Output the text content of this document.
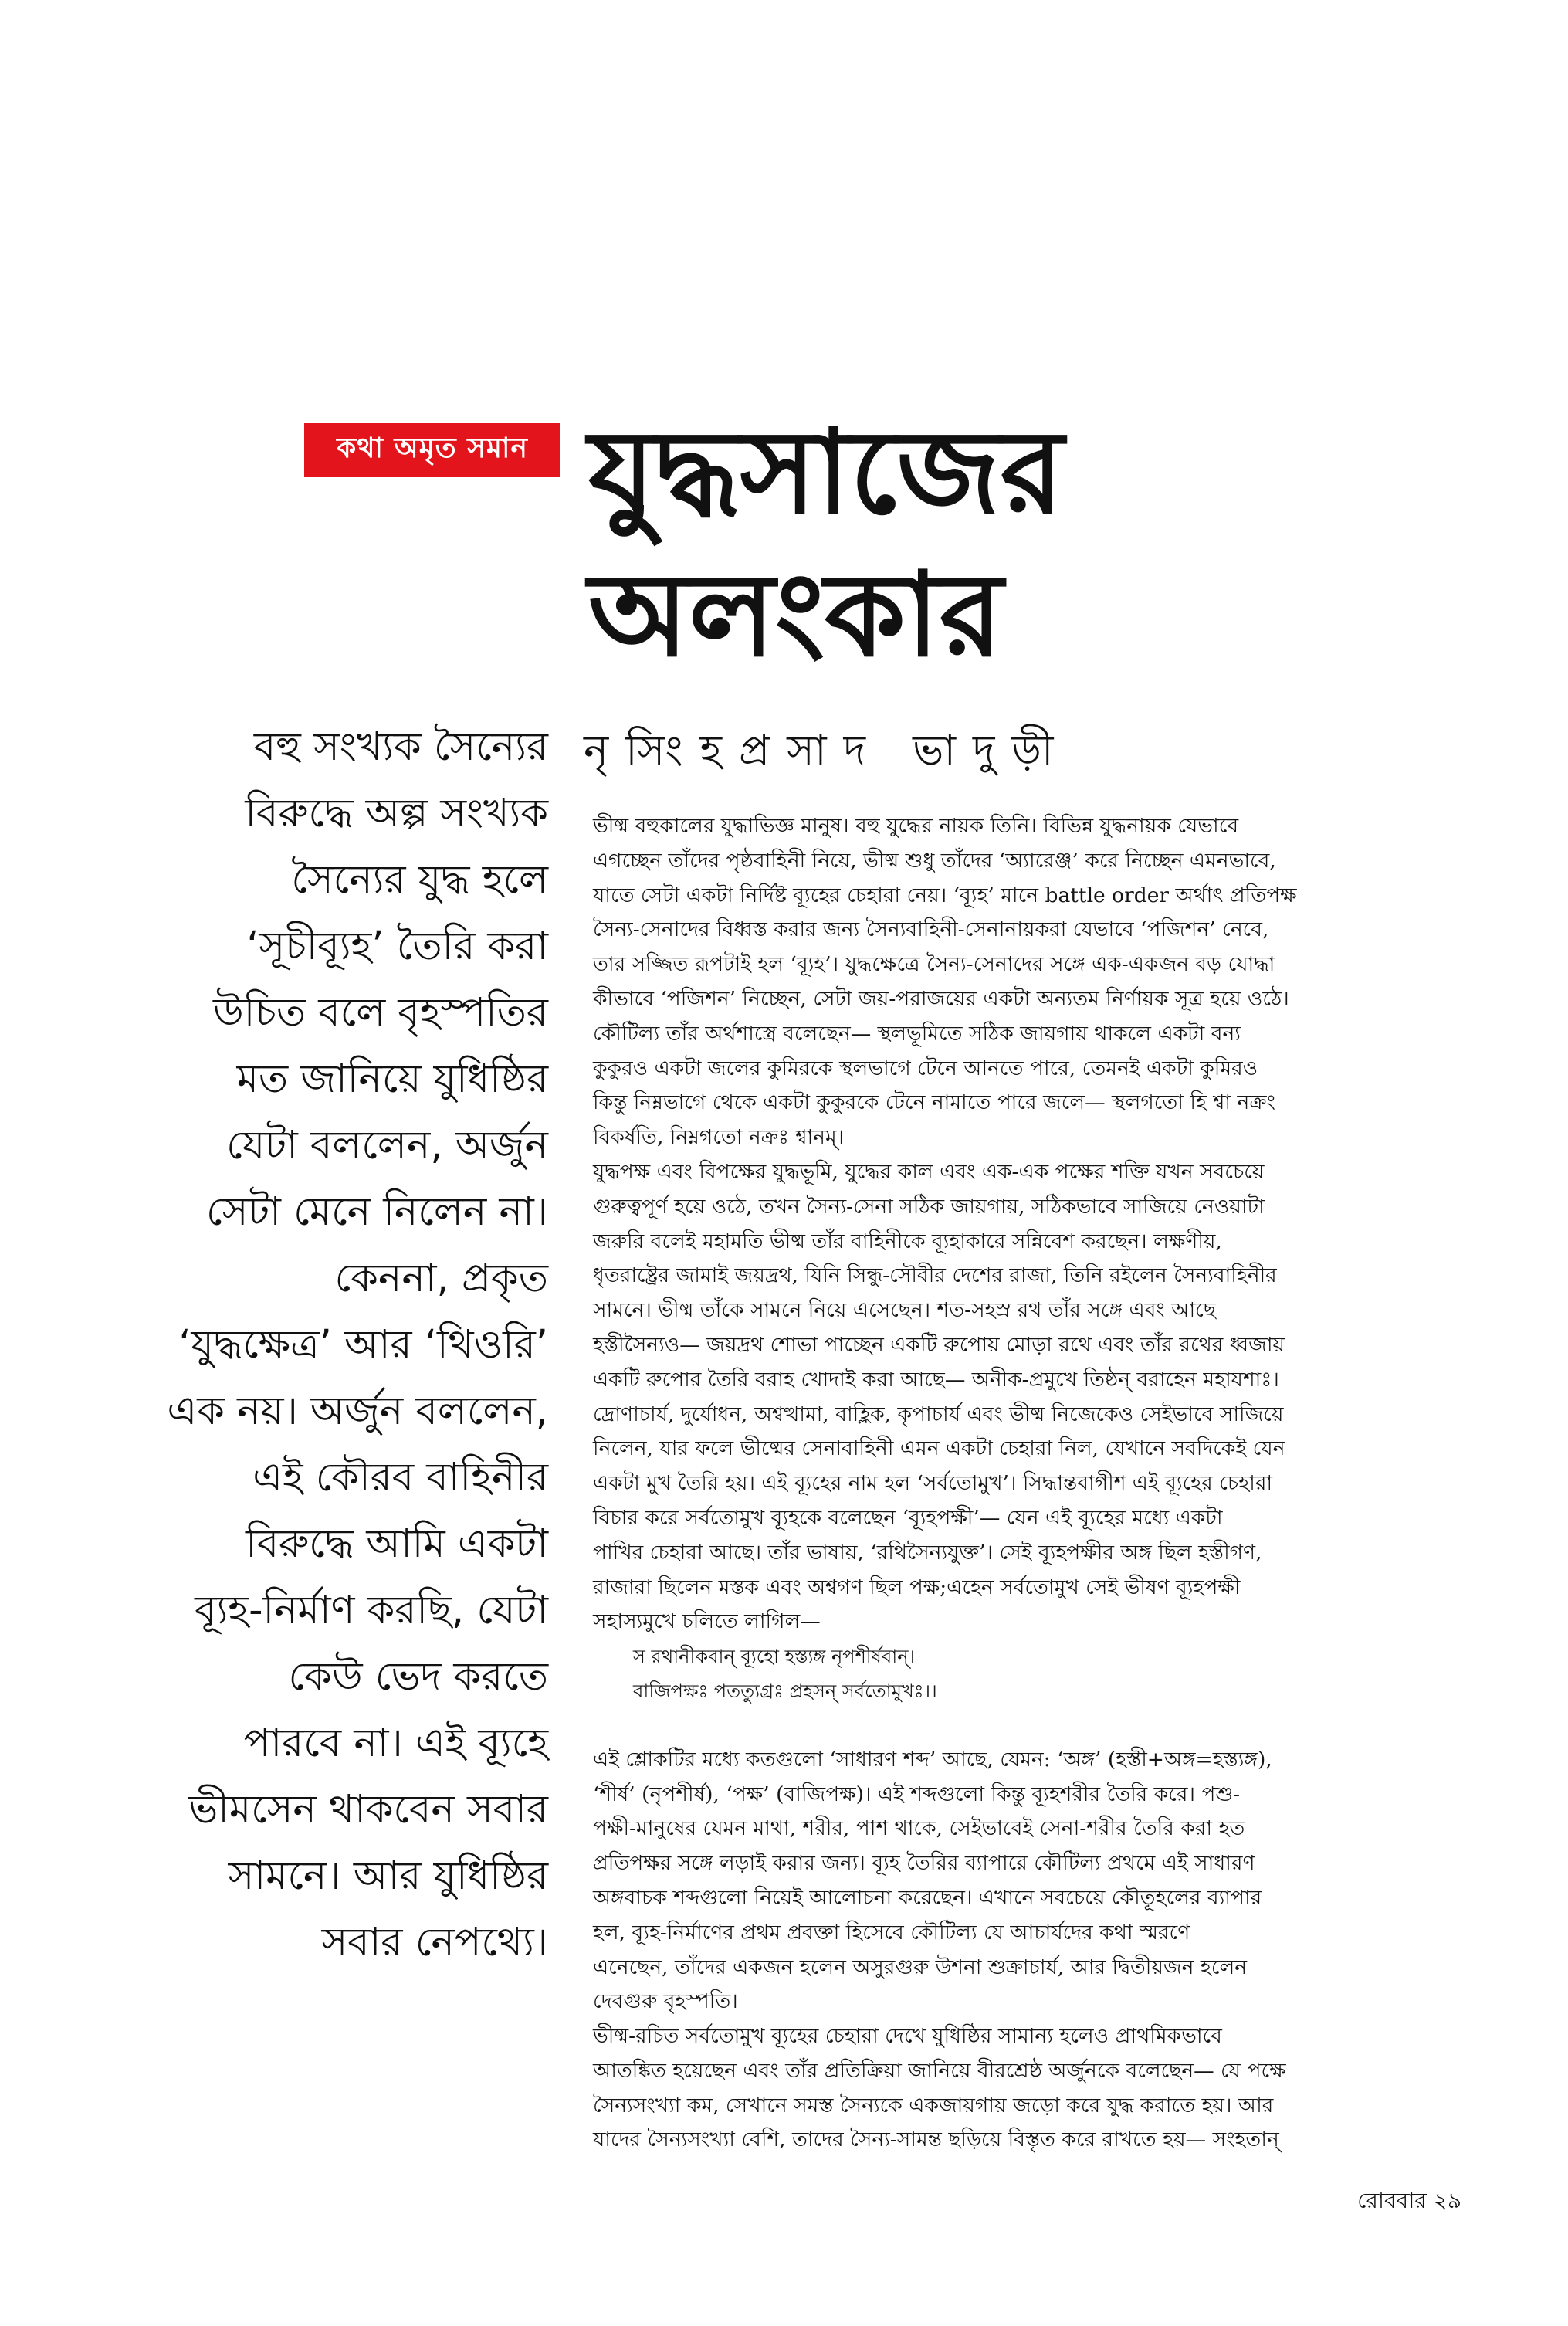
কথা অমৃত সমান যুদ্ধসাজের
অলংকার
নৃসিংহপ্রসাদ ভাদুড়ী
বহু সংখ্যক সৈন্যের
বিরুদ্ধে অল্প সংখ্যক
সৈন্যের যুদ্ধ হলে
‘সূচীব্যূহ’ তৈরি করা
উচিত বলে বৃহস্পতির
মত জানিয়ে যুধিষ্ঠির
যেটা বললেন, অর্জুন
সেটা মেনে নিলেন না।
কেননা, প্রকৃত
‘যুদ্ধক্ষেত্র’ আর ‘থিওরি’
এক নয়। অর্জুন বললেন,
এই কৌরব বাহিনীর
বিরুদ্ধে আমি একটা
ব্যূহ-নির্মাণ করছি, যেটা
কেউ ভেদ করতে
পারবে না। এই ব্যূহে
ভীমসেন থাকবেন সবার
সামনে। আর যুধিষ্ঠির
সবার নেপথ্যে।
ভীষ্ম বহুকালের যুদ্ধাভিজ্ঞ মানুষ। বহু যুদ্ধের নায়ক তিনি। বিভিন্ন যুদ্ধনায়ক যেভাবে
এগচ্ছেন তাঁদের পৃষ্ঠবাহিনী নিয়ে, ভীষ্ম শুধু তাঁদের ‘অ্যারেঞ্জ’ করে নিচ্ছেন এমনভাবে,
যাতে সেটা একটা নির্দিষ্ট ব্যূহের চেহারা নেয়। ‘ব্যূহ’ মানে battle order অর্থাৎ প্রতিপক্ষ
সৈন্য-সেনাদের বিধ্বস্ত করার জন্য সৈন্যবাহিনী-সেনানায়করা যেভাবে ‘পজিশন’ নেবে,
তার সজ্জিত রূপটাই হল ‘ব্যূহ’। যুদ্ধক্ষেত্রে সৈন্য-সেনাদের সঙ্গে এক-একজন বড় যোদ্ধা
কীভাবে ‘পজিশন’ নিচ্ছেন, সেটা জয়-পরাজয়ের একটা অন্যতম নির্ণায়ক সূত্র হয়ে ওঠে।
কৌটিল্য তাঁর অর্থশাস্ত্রে বলেছেন— স্থলভূমিতে সঠিক জায়গায় থাকলে একটা বন্য
কুকুরও একটা জলের কুমিরকে স্থলভাগে টেনে আনতে পারে, তেমনই একটা কুমিরও
কিন্তু নিম্নভাগে থেকে একটা কুকুরকে টেনে নামাতে পারে জলে— স্থলগতো হি শ্বা নক্রং
বিকর্ষতি, নিম্নগতো নক্রঃ শ্বানম্।
যুদ্ধপক্ষ এবং বিপক্ষের যুদ্ধভূমি, যুদ্ধের কাল এবং এক-এক পক্ষের শক্তি যখন সবচেয়ে
গুরুত্বপূর্ণ হয়ে ওঠে, তখন সৈন্য-সেনা সঠিক জায়গায়, সঠিকভাবে সাজিয়ে নেওয়াটা
জরুরি বলেই মহামতি ভীষ্ম তাঁর বাহিনীকে ব্যূহাকারে সন্নিবেশ করছেন। লক্ষণীয়,
ধৃতরাষ্ট্রের জামাই জয়দ্রথ, যিনি সিন্ধু-সৌবীর দেশের রাজা, তিনি রইলেন সৈন্যবাহিনীর
সামনে। ভীষ্ম তাঁকে সামনে নিয়ে এসেছেন। শত-সহস্র রথ তাঁর সঙ্গে এবং আছে
হস্তীসৈন্যও— জয়দ্রথ শোভা পাচ্ছেন একটি রুপোয় মোড়া রথে এবং তাঁর রথের ধ্বজায়
একটি রুপোর তৈরি বরাহ খোদাই করা আছে— অনীক-প্রমুখে তিষ্ঠন্ বরাহেন মহাযশাঃ।
দ্রোণাচার্য, দুর্যোধন, অশ্বত্থামা, বাহ্লিক, কৃপাচার্য এবং ভীষ্ম নিজেকেও সেইভাবে সাজিয়ে
নিলেন, যার ফলে ভীষ্মের সেনাবাহিনী এমন একটা চেহারা নিল, যেখানে সবদিকেই যেন
একটা মুখ তৈরি হয়। এই ব্যূহের নাম হল ‘সর্বতোমুখ’। সিদ্ধান্তবাগীশ এই ব্যূহের চেহারা
বিচার করে সর্বতোমুখ ব্যূহকে বলেছেন ‘ব্যূহপক্ষী’— যেন এই ব্যূহের মধ্যে একটা
পাখির চেহারা আছে। তাঁর ভাষায়, ‘রথিসৈন্যযুক্ত’। সেই ব্যূহপক্ষীর অঙ্গ ছিল হস্তীগণ,
রাজারা ছিলেন মস্তক এবং অশ্বগণ ছিল পক্ষ;এহেন সর্বতোমুখ সেই ভীষণ ব্যূহপক্ষী
সহাস্যমুখে চলিতে লাগিল—
স রথানীকবান্ ব্যূহো হস্ত্যঙ্গ নৃপশীর্ষবান্।
বাজিপক্ষঃ পতত্যুগ্রঃ প্রহসন্ সর্বতোমুখঃ।।
এই শ্লোকটির মধ্যে কতগুলো ‘সাধারণ শব্দ’ আছে, যেমন: ‘অঙ্গ’ (হস্তী+অঙ্গ=হস্ত্যঙ্গ),
‘শীর্ষ’ (নৃপশীর্ষ), ‘পক্ষ’ (বাজিপক্ষ)। এই শব্দগুলো কিন্তু ব্যূহশরীর তৈরি করে। পশু-
পক্ষী-মানুষের যেমন মাথা, শরীর, পাশ থাকে, সেইভাবেই সেনা-শরীর তৈরি করা হত
প্রতিপক্ষর সঙ্গে লড়াই করার জন্য। ব্যূহ তৈরির ব্যাপারে কৌটিল্য প্রথমে এই সাধারণ
অঙ্গবাচক শব্দগুলো নিয়েই আলোচনা করেছেন। এখানে সবচেয়ে কৌতূহলের ব্যাপার
হল, ব্যূহ-নির্মাণের প্রথম প্রবক্তা হিসেবে কৌটিল্য যে আচার্যদের কথা স্মরণে
এনেছেন, তাঁদের একজন হলেন অসুরগুরু উশনা শুক্রাচার্য, আর দ্বিতীয়জন হলেন
দেবগুরু বৃহস্পতি।
ভীষ্ম-রচিত সর্বতোমুখ ব্যূহের চেহারা দেখে যুধিষ্ঠির সামান্য হলেও প্রাথমিকভাবে
আতঙ্কিত হয়েছেন এবং তাঁর প্রতিক্রিয়া জানিয়ে বীরশ্রেষ্ঠ অর্জুনকে বলেছেন— যে পক্ষে
সৈন্যসংখ্যা কম, সেখানে সমস্ত সৈন্যকে একজায়গায় জড়ো করে যুদ্ধ করাতে হয়। আর
যাদের সৈন্যসংখ্যা বেশি, তাদের সৈন্য-সামন্ত ছড়িয়ে বিস্তৃত করে রাখতে হয়— সংহতান্
রোববার ২৯
